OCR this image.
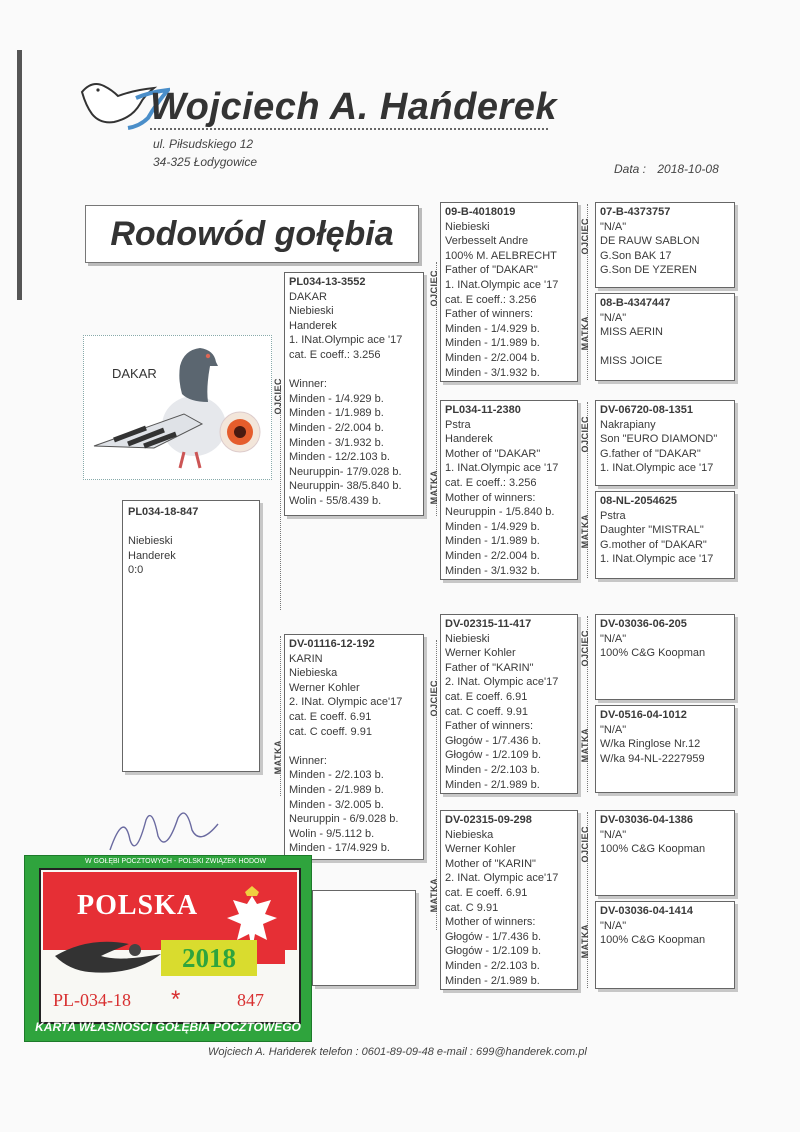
Wojciech A. Hańderek
ul. Piłsudskiego 12
34-325 Łodygowice	Data : 2018-10-08
Rodowód gołębia
DAKAR
PL034-18-847

Niebieski
Handerek
0:0
PL034-13-3552
DAKAR
Niebieski
Handerek
1. INat.Olympic ace '17
cat. E coeff.: 3.256

Winner:
Minden - 1/4.929 b.
Minden - 1/1.989 b.
Minden - 2/2.004 b.
Minden - 3/1.932 b.
Minden - 12/2.103 b.
Neuruppin- 17/9.028 b.
Neuruppin- 38/5.840 b.
Wolin - 55/8.439 b.
DV-01116-12-192
KARIN
Niebieska
Werner Kohler
2. INat. Olympic ace'17
cat. E coeff. 6.91
cat. C coeff. 9.91

Winner:
Minden - 2/2.103 b.
Minden - 2/1.989 b.
Minden - 3/2.005 b.
Neuruppin - 6/9.028 b.
Wolin - 9/5.112 b.
Minden - 17/4.929 b.
09-B-4018019
Niebieski
Verbesselt Andre
100% M. AELBRECHT
Father of "DAKAR"
1. INat.Olympic ace '17
cat. E coeff.: 3.256
Father of winners:
Minden - 1/4.929 b.
Minden - 1/1.989 b.
Minden - 2/2.004 b.
Minden - 3/1.932 b.
PL034-11-2380
Pstra
Handerek
Mother of "DAKAR"
1. INat.Olympic ace '17
cat. E coeff.: 3.256
Mother of winners:
Neuruppin - 1/5.840 b.
Minden - 1/4.929 b.
Minden - 1/1.989 b.
Minden - 2/2.004 b.
Minden - 3/1.932 b.
DV-02315-11-417
Niebieski
Werner Kohler
Father of "KARIN"
2. INat. Olympic ace'17
cat. E coeff. 6.91
cat. C coeff. 9.91
Father of winners:
Głogów - 1/7.436 b.
Głogów - 1/2.109 b.
Minden - 2/2.103 b.
Minden - 2/1.989 b.
DV-02315-09-298
Niebieska
Werner Kohler
Mother of "KARIN"
2. INat. Olympic ace'17
cat. E coeff. 6.91
cat. C 9.91
Mother of winners:
Głogów - 1/7.436 b.
Głogów - 1/2.109 b.
Minden - 2/2.103 b.
Minden - 2/1.989 b.
07-B-4373757
"N/A"
DE RAUW SABLON
G.Son BAK 17
G.Son DE YZEREN
08-B-4347447
"N/A"
MISS AERIN

MISS JOICE
DV-06720-08-1351
Nakrapiany
Son "EURO DIAMOND"
G.father of "DAKAR"
1. INat.Olympic ace '17
08-NL-2054625
Pstra
Daughter "MISTRAL"
G.mother of "DAKAR"
1. INat.Olympic ace '17
DV-03036-06-205
"N/A"
100% C&G Koopman
DV-0516-04-1012
"N/A"
W/ka Ringlose Nr.12
W/ka 94-NL-2227959
DV-03036-04-1386
"N/A"
100% C&G Koopman
DV-03036-04-1414
"N/A"
100% C&G Koopman
OJCIEC
MATKA
OJCIEC
MATKA
OJCIEC
MATKA
OJCIEC
MATKA
OJCIEC
MATKA
OJCIEC
MATKA
OJCIEC
MATKA
W GOŁĘBI POCZTOWYCH - POLSKI ZWIĄZEK HODOW
POLSKA
2018
PL-034-18 *	847
KARTA WŁASNOŚCI GOŁĘBIA POCZTOWEGO
Wojciech A. Hańderek telefon : 0601-89-09-48 e-mail : 699@handerek.com.pl
